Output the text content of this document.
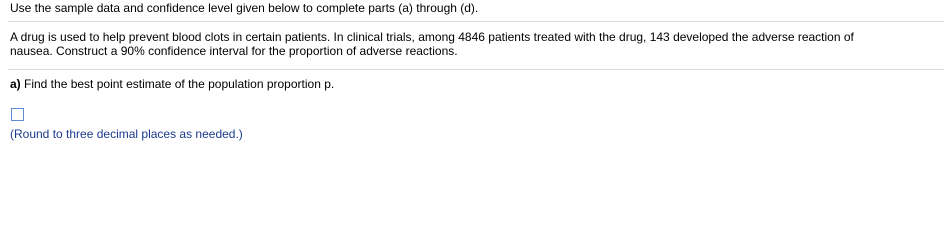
Use the sample data and confidence level given below to complete parts (a) through (d).
A drug is used to help prevent blood clots in certain patients. In clinical trials, among 4846 patients treated with the drug, 143 developed the adverse reaction of
nausea. Construct a 90% confidence interval for the proportion of adverse reactions.
a) Find the best point estimate of the population proportion p.
(Round to three decimal places as needed.)
